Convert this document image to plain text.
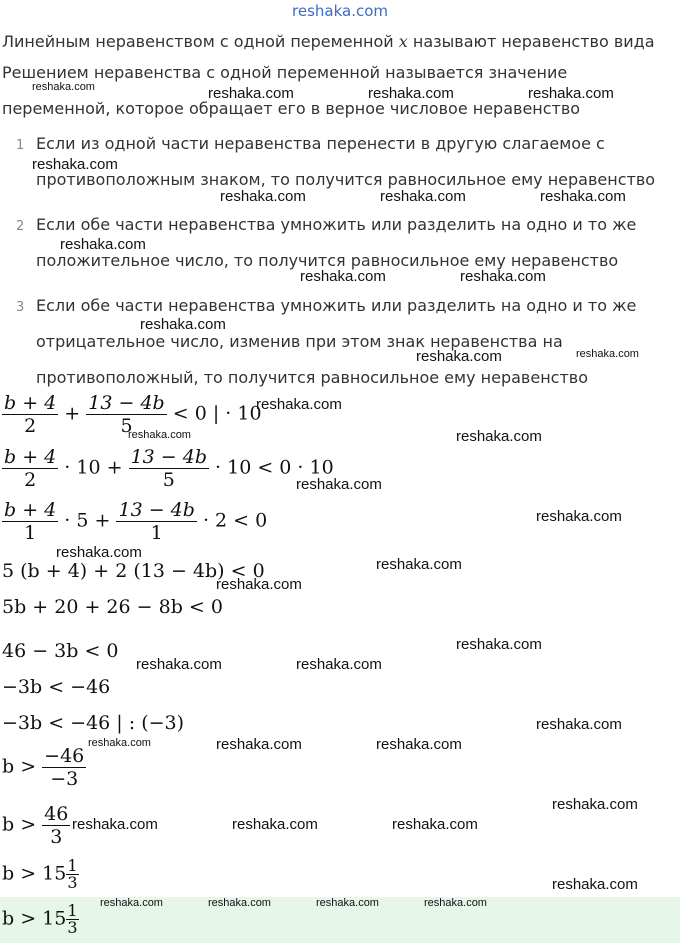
reshaka.com
Линейным неравенством с одной переменной x называют неравенство вида
Решением неравенства с одной переменной называется значение
переменной, которое обращает его в верное числовое неравенство
1 Если из одной части неравенства перенести в другую слагаемое с
противоположным знаком, то получится равносильное ему неравенство
2 Если обе части неравенства умножить или разделить на одно и то же
положительное число, то получится равносильное ему неравенство
3 Если обе части неравенства умножить или разделить на одно и то же
отрицательное число, изменив при этом знак неравенства на
противоположный, то получится равносильное ему неравенство
$\frac{b + 4}{2} + \frac{13 - 4b}{5} < 0$ | · 10
$\frac{b + 4}{2} \cdot 10 + \frac{13 - 4b}{5} \cdot 10 < 0 \cdot 10$
$\frac{b + 4}{1} \cdot 5 + \frac{13 - 4b}{1} \cdot 2 < 0$
5 (b + 4) + 2 (13 − 4b) < 0
5b + 20 + 26 − 8b < 0
46 − 3b < 0
−3b < −46
−3b < −46 | : (−3)
$b > \frac{-46}{-3}$
$b > \frac{46}{3}$
$b > 15 \frac{1}{3}$
$b > 15 \frac{1}{3}$
reshaka.com	reshaka.com	reshaka.com	reshaka.com
reshaka.com
reshaka.com	reshaka.com	reshaka.com
reshaka.com
reshaka.com	reshaka.com
reshaka.com
reshaka.com	reshaka.com
reshaka.com
reshaka.com	reshaka.com
reshaka.com
reshaka.com
reshaka.com
reshaka.com
reshaka.com
reshaka.com
reshaka.com	reshaka.com
reshaka.com
reshaka.com	reshaka.com	reshaka.com
reshaka.com
reshaka.com	reshaka.com	reshaka.com
reshaka.com
reshaka.com	reshaka.com	reshaka.com	reshaka.com
